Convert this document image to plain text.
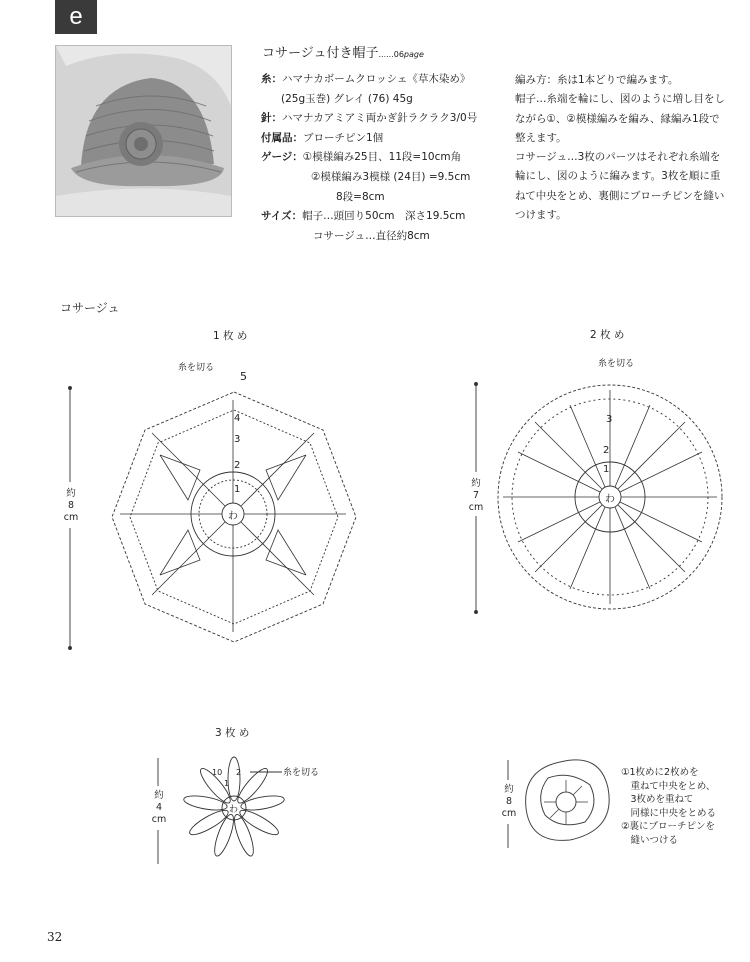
e
コサージュ付き帽子......06page
糸：ハマナカボームクロッシェ《草木染め》
(25g玉巻) グレイ (76) 45g
針：ハマナカアミアミ両かぎ針ラクラク3/0号
付属品：ブローチピン1個
ゲージ：①模様編み25目、11段=10cm角
②模様編み3模様 (24目) =9.5cm
8段=8cm
サイズ：帽子…頭回り50cm　深さ19.5cm
コサージュ…直径約8cm
編み方：糸は1本どりで編みます。
帽子…糸端を輪にし、図のように増し目をし
ながら①、②模様編みを編み、縁編み1段で
整えます。
コサージュ…3枚のパーツはそれぞれ糸端を
輪にし、図のように編みます。3枚を順に重
ねて中央をとめ、裏側にブローチピンを縫い
つけます。
コサージュ
1 枚 め	2 枚 め
3 枚 め
糸を切る	糸を切る
糸を切る
約
8
cm
約
7
cm
約
4
cm
約
8
cm
5
わ
4
3
2
1
わ
3
2
1
わ
10
1
2	①1枚めに2枚めを
　重ねて中央をとめ、
　3枚めを重ねて
　同様に中央をとめる
②裏にブローチピンを
　縫いつける
32
